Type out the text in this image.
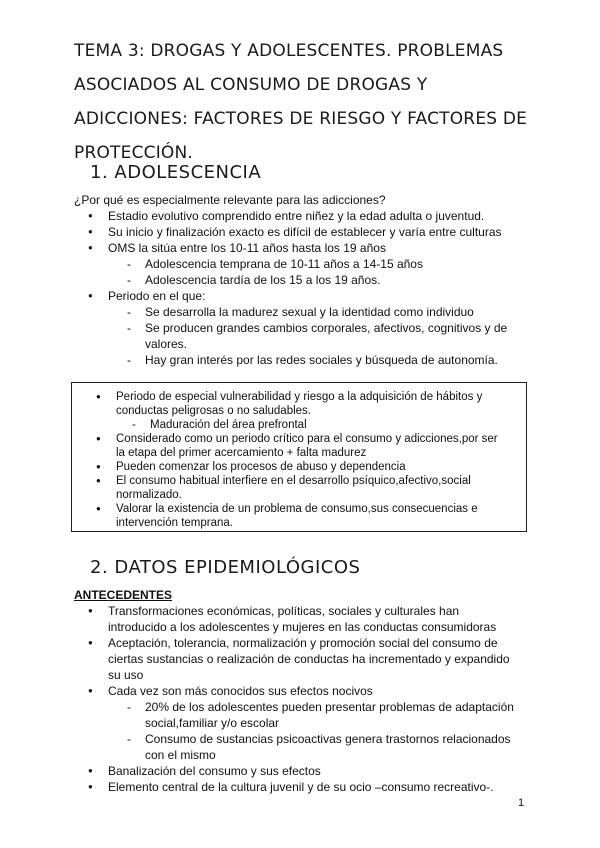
TEMA 3: DROGAS Y ADOLESCENTES. PROBLEMAS ASOCIADOS AL CONSUMO DE DROGAS Y ADICCIONES: FACTORES DE RIESGO Y FACTORES DE PROTECCIÓN.
1. ADOLESCENCIA

¿Por qué es especialmente relevante para las adicciones?

● Estadio evolutivo comprendido entre niñez y la edad adulta o juventud.
● Su inicio y finalización exacto es difícil de establecer y varía entre culturas
● OMS la sitúa entre los 10-11 años hasta los 19 años
- Adolescencia temprana de 10-11 años a 14-15 años
- Adolescencia tardía de los 15 a los 19 años.
● Periodo en el que:
- Se desarrolla la madurez sexual y la identidad como individuo
- Se producen grandes cambios corporales, afectivos, cognitivos y de valores.
- Hay gran interés por las redes sociales y búsqueda de autonomía.
● Periodo de especial vulnerabilidad y riesgo a la adquisición de hábitos y conductas peligrosas o no saludables.
- Maduración del área prefrontal
● Considerado como un periodo crítico para el consumo y adicciones,por ser la etapa del primer acercamiento + falta madurez
● Pueden comenzar los procesos de abuso y dependencia
● El consumo habitual interfiere en el desarrollo psíquico,afectivo,social normalizado.
● Valorar la existencia de un problema de consumo,sus consecuencias e intervención temprana.
2. DATOS EPIDEMIOLÓGICOS

ANTECEDENTES

● Transformaciones económicas, políticas, sociales y culturales han introducido a los adolescentes y mujeres en las conductas consumidoras
● Aceptación, tolerancia, normalización y promoción social del consumo de ciertas sustancias o realización de conductas ha incrementado y expandido su uso
● Cada vez son más conocidos sus efectos nocivos
- 20% de los adolescentes pueden presentar problemas de adaptación social,familiar y/o escolar
- Consumo de sustancias psicoactivas genera trastornos relacionados con el mismo
● Banalización del consumo y sus efectos
● Elemento central de la cultura juvenil y de su ocio –consumo recreativo-.
1
